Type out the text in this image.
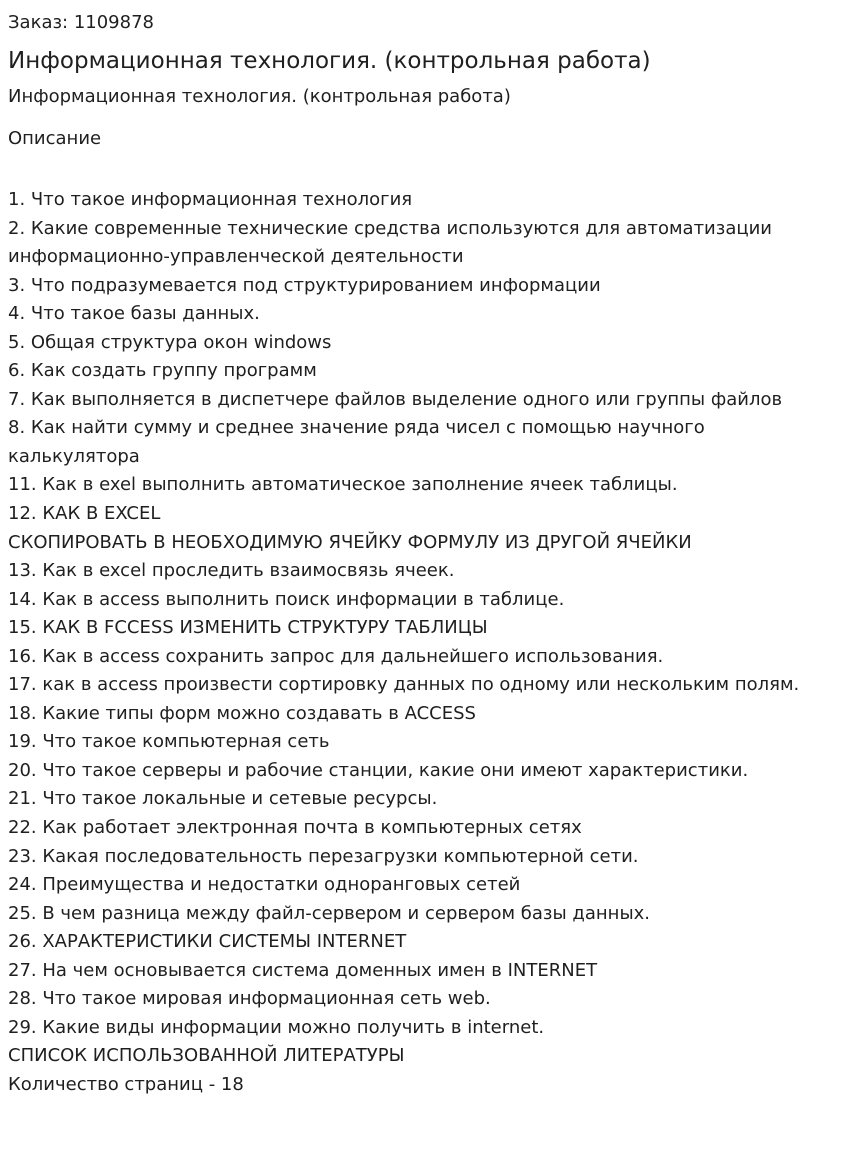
Заказ: 1109878
Информационная технология. (контрольная работа)
Информационная технология. (контрольная работа)
Описание
1. Что такое информационная технология
2. Какие современные технические средства используются для автоматизации информационно-управленческой деятельности
3. Что подразумевается под структурированием информации
4. Что такое базы данных.
5. Общая структура окон windows
6. Как создать группу программ
7. Как выполняется в диспетчере файлов выделение одного или группы файлов
8. Как найти сумму и среднее значение ряда чисел с помощью научного калькулятора
11. Как в exel выполнить автоматическое заполнение ячеек таблицы.
12. КАК В EXCEL
СКОПИРОВАТЬ В НЕОБХОДИМУЮ ЯЧЕЙКУ ФОРМУЛУ ИЗ ДРУГОЙ ЯЧЕЙКИ
13. Как в excel проследить взаимосвязь ячеек.
14. Как в access выполнить поиск информации в таблице.
15. КАК В FCCESS ИЗМЕНИТЬ СТРУКТУРУ ТАБЛИЦЫ
16. Как в access сохранить запрос для дальнейшего использования.
17. как в access произвести сортировку данных по одному или нескольким полям.
18. Какие типы форм можно создавать в ACCESS
19. Что такое компьютерная сеть
20. Что такое серверы и рабочие станции, какие они имеют характеристики.
21. Что такое локальные и сетевые ресурсы.
22. Как работает электронная почта в компьютерных сетях
23. Какая последовательность перезагрузки компьютерной сети.
24. Преимущества и недостатки одноранговых сетей
25. В чем разница между файл-сервером и сервером базы данных.
26. ХАРАКТЕРИСТИКИ СИСТЕМЫ INTERNET
27. На чем основывается система доменных имен в INTERNET
28. Что такое мировая информационная сеть web.
29. Какие виды информации можно получить в internet.
СПИСОК ИСПОЛЬЗОВАННОЙ ЛИТЕРАТУРЫ
Количество страниц - 18
